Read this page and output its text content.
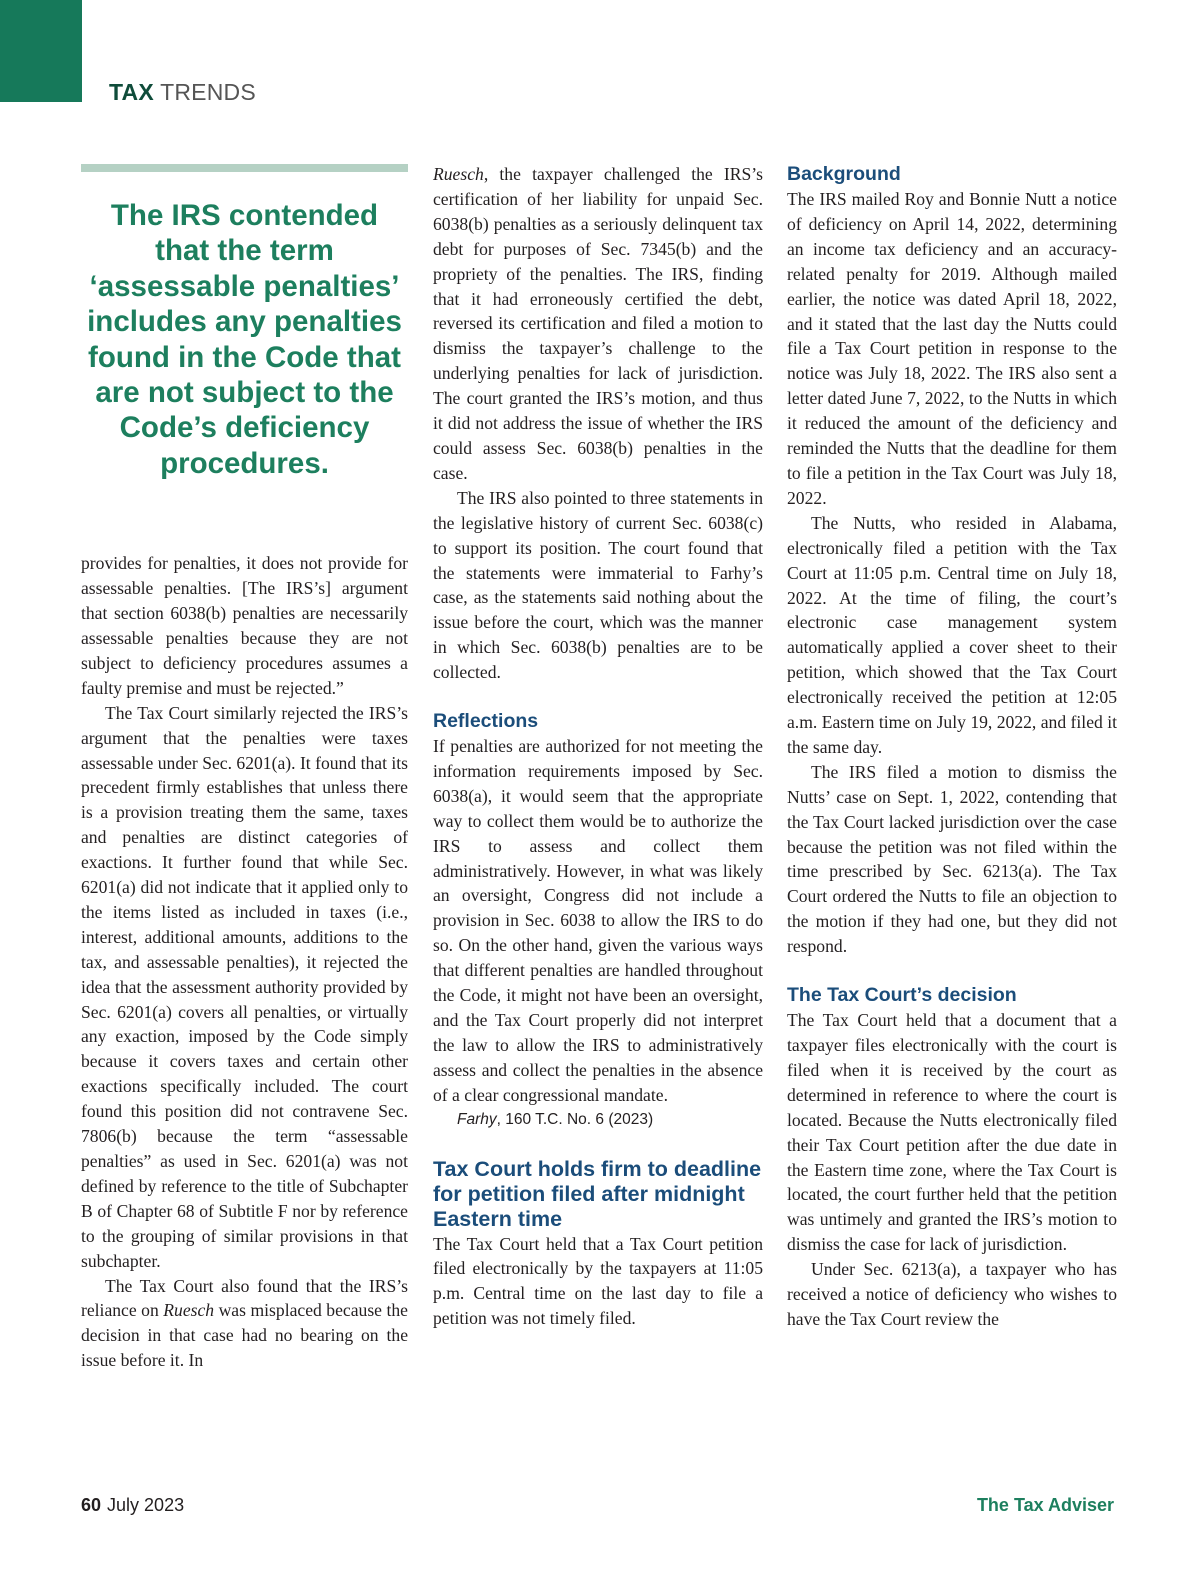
TAX TRENDS
The IRS contended that the term ‘assessable penalties’ includes any penalties found in the Code that are not subject to the Code’s deficiency procedures.

provides for penalties, it does not provide for assessable penalties. [The IRS’s] argument that section 6038(b) penalties are necessarily assessable penalties because they are not subject to deficiency procedures assumes a faulty premise and must be rejected.”

The Tax Court similarly rejected the IRS’s argument that the penalties were taxes assessable under Sec. 6201(a). It found that its precedent firmly establishes that unless there is a provision treating them the same, taxes and penalties are distinct categories of exactions. It further found that while Sec. 6201(a) did not indicate that it applied only to the items listed as included in taxes (i.e., interest, additional amounts, additions to the tax, and assessable penalties), it rejected the idea that the assessment authority provided by Sec. 6201(a) covers all penalties, or virtually any exaction, imposed by the Code simply because it covers taxes and certain other exactions specifically included. The court found this position did not contravene Sec. 7806(b) because the term “assessable penalties” as used in Sec. 6201(a) was not defined by reference to the title of Subchapter B of Chapter 68 of Subtitle F nor by reference to the grouping of similar provisions in that subchapter.

The Tax Court also found that the IRS’s reliance on Ruesch was misplaced because the decision in that case had no bearing on the issue before it. In

Ruesch, the taxpayer challenged the IRS’s certification of her liability for unpaid Sec. 6038(b) penalties as a seriously delinquent tax debt for purposes of Sec. 7345(b) and the propriety of the penalties. The IRS, finding that it had erroneously certified the debt, reversed its certification and filed a motion to dismiss the taxpayer’s challenge to the underlying penalties for lack of jurisdiction. The court granted the IRS’s motion, and thus it did not address the issue of whether the IRS could assess Sec. 6038(b) penalties in the case.

The IRS also pointed to three statements in the legislative history of current Sec. 6038(c) to support its position. The court found that the statements were immaterial to Farhy’s case, as the statements said nothing about the issue before the court, which was the manner in which Sec. 6038(b) penalties are to be collected.

Reflections

If penalties are authorized for not meeting the information requirements imposed by Sec. 6038(a), it would seem that the appropriate way to collect them would be to authorize the IRS to assess and collect them administratively. However, in what was likely an oversight, Congress did not include a provision in Sec. 6038 to allow the IRS to do so. On the other hand, given the various ways that different penalties are handled throughout the Code, it might not have been an oversight, and the Tax Court properly did not interpret the law to allow the IRS to administratively assess and collect the penalties in the absence of a clear congressional mandate.

Farhy, 160 T.C. No. 6 (2023)
Tax Court holds firm to deadline for petition filed after midnight Eastern time

The Tax Court held that a Tax Court petition filed electronically by the taxpayers at 11:05 p.m. Central time on the last day to file a petition was not timely filed.

Background

The IRS mailed Roy and Bonnie Nutt a notice of deficiency on April 14, 2022, determining an income tax deficiency and an accuracy-related penalty for 2019. Although mailed earlier, the notice was dated April 18, 2022, and it stated that the last day the Nutts could file a Tax Court petition in response to the notice was July 18, 2022. The IRS also sent a letter dated June 7, 2022, to the Nutts in which it reduced the amount of the deficiency and reminded the Nutts that the deadline for them to file a petition in the Tax Court was July 18, 2022.

The Nutts, who resided in Alabama, electronically filed a petition with the Tax Court at 11:05 p.m. Central time on July 18, 2022. At the time of filing, the court’s electronic case management system automatically applied a cover sheet to their petition, which showed that the Tax Court electronically received the petition at 12:05 a.m. Eastern time on July 19, 2022, and filed it the same day.

The IRS filed a motion to dismiss the Nutts’ case on Sept. 1, 2022, contending that the Tax Court lacked jurisdiction over the case because the petition was not filed within the time prescribed by Sec. 6213(a). The Tax Court ordered the Nutts to file an objection to the motion if they had one, but they did not respond.

The Tax Court’s decision

The Tax Court held that a document that a taxpayer files electronically with the court is filed when it is received by the court as determined in reference to where the court is located. Because the Nutts electronically filed their Tax Court petition after the due date in the Eastern time zone, where the Tax Court is located, the court further held that the petition was untimely and granted the IRS’s motion to dismiss the case for lack of jurisdiction.

Under Sec. 6213(a), a taxpayer who has received a notice of deficiency who wishes to have the Tax Court review the

60 July 2023	The Tax Adviser
